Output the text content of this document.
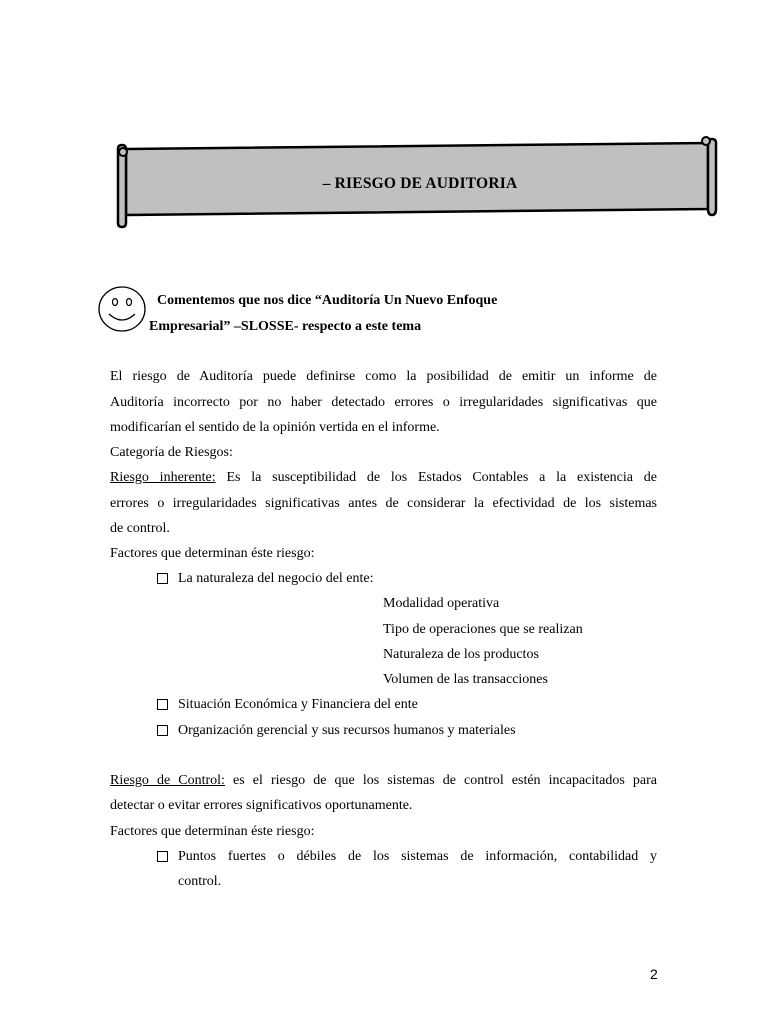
– RIESGO DE AUDITORIA
Comentemos que nos dice “Auditoría Un Nuevo Enfoque
Empresarial” –SLOSSE- respecto a este tema
El riesgo de Auditoría puede definirse como la posibilidad de emitir un informe de
Auditoría incorrecto por no haber detectado errores o irregularidades significativas que
modificarían el sentido de la opinión vertida en el informe.
Categoría de Riesgos:
Riesgo inherente: Es la susceptibilidad de los Estados Contables a la existencia de
errores o irregularidades significativas antes de considerar la efectividad de los sistemas
de control.
Factores que determinan éste riesgo:
La naturaleza del negocio del ente:
Modalidad operativa
Tipo de operaciones que se realizan
Naturaleza de los productos
Volumen de las transacciones
Situación Económica y Financiera del ente
Organización gerencial y sus recursos humanos y materiales
Riesgo de Control: es el riesgo de que los sistemas de control estén incapacitados para
detectar o evitar errores significativos oportunamente.
Factores que determinan éste riesgo:
Puntos fuertes o débiles de los sistemas de información, contabilidad y
control.
2
